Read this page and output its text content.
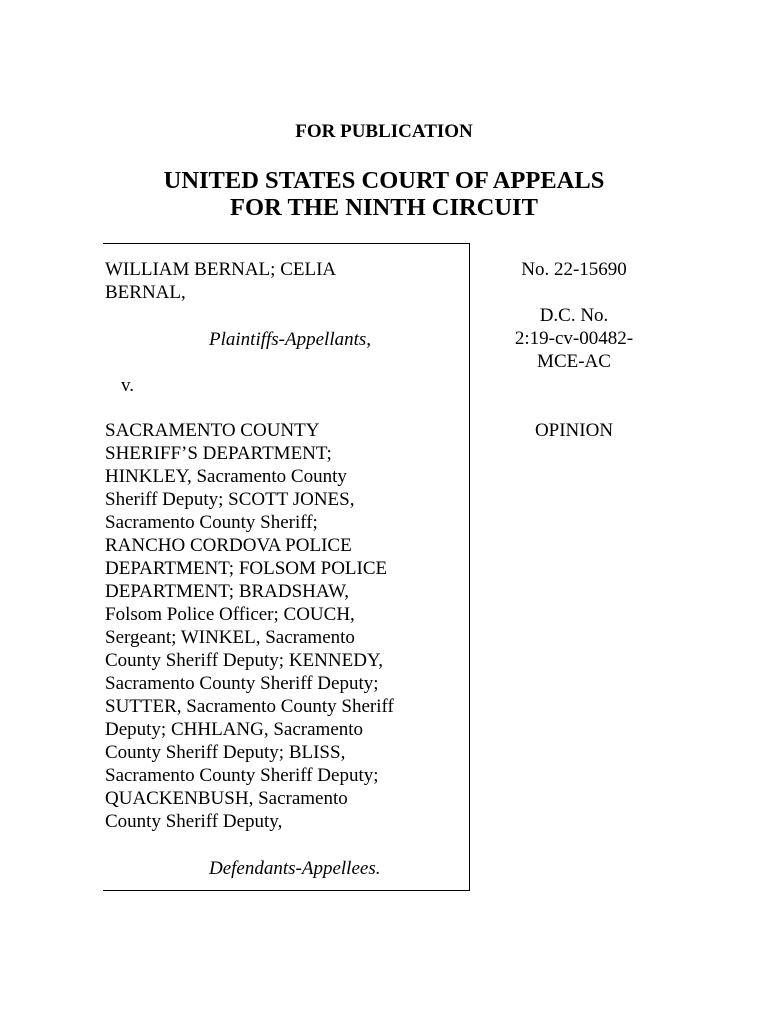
FOR PUBLICATION
UNITED STATES COURT OF APPEALS
FOR THE NINTH CIRCUIT
WILLIAM BERNAL; CELIA
BERNAL,
Plaintiffs-Appellants,
v.
SACRAMENTO COUNTY
SHERIFF’S DEPARTMENT;
HINKLEY, Sacramento County
Sheriff Deputy; SCOTT JONES,
Sacramento County Sheriff;
RANCHO CORDOVA POLICE
DEPARTMENT; FOLSOM POLICE
DEPARTMENT; BRADSHAW,
Folsom Police Officer; COUCH,
Sergeant; WINKEL, Sacramento
County Sheriff Deputy; KENNEDY,
Sacramento County Sheriff Deputy;
SUTTER, Sacramento County Sheriff
Deputy; CHHLANG, Sacramento
County Sheriff Deputy; BLISS,
Sacramento County Sheriff Deputy;
QUACKENBUSH, Sacramento
County Sheriff Deputy,
Defendants-Appellees.
No. 22-15690
D.C. No.
2:19-cv-00482-
MCE-AC
OPINION
